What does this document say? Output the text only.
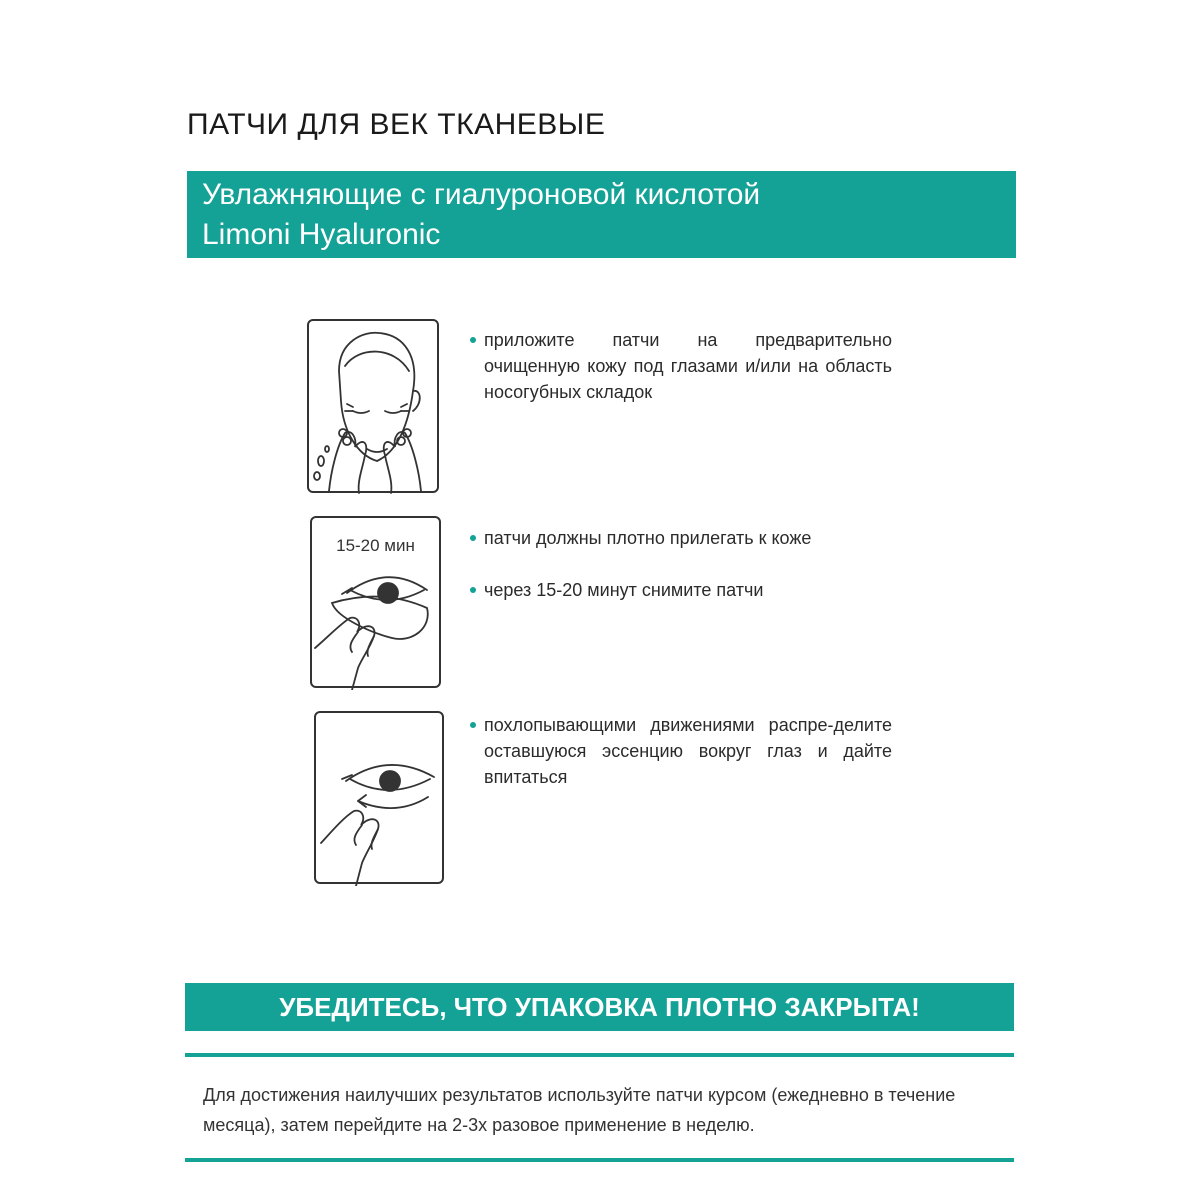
ПАТЧИ ДЛЯ ВЕК ТКАНЕВЫЕ
Увлажняющие с гиалуроновой кислотой
Limoni Hyaluronic
приложите патчи на предварительно очищенную кожу под глазами и/или на область носогубных складок
15-20 мин	патчи должны плотно прилегать к коже
через 15-20 минут снимите патчи
похлопывающими движениями распре-делите оставшуюся эссенцию вокруг глаз и дайте впитаться
УБЕДИТЕСЬ, ЧТО УПАКОВКА ПЛОТНО ЗАКРЫТА!
Для достижения наилучших результатов используйте патчи курсом (ежедневно в течение месяца), затем перейдите на 2-3х разовое применение в неделю.
